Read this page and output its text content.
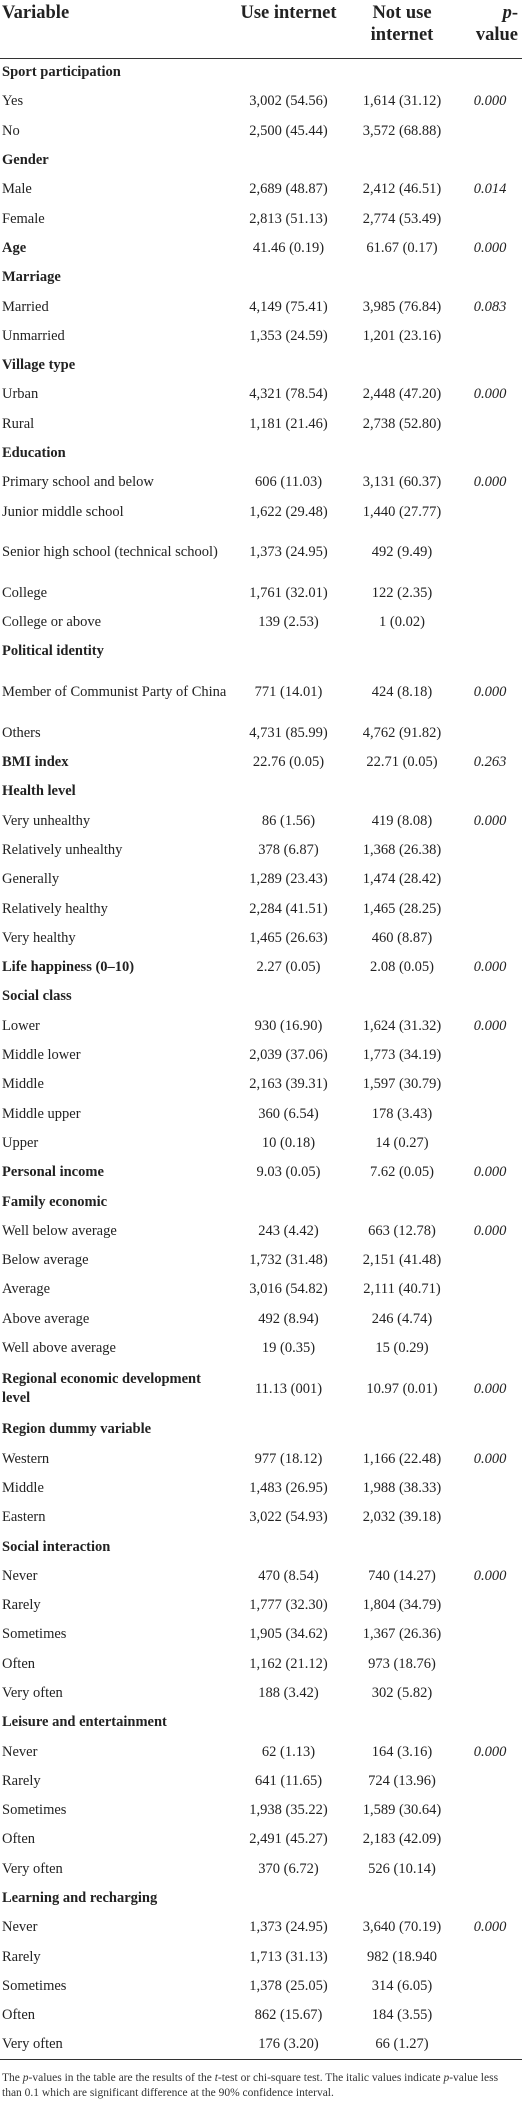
Variable	Use internet	Not use internet	p-value
Sport participation			
Yes	3,002 (54.56)	1,614 (31.12)	0.000
No	2,500 (45.44)	3,572 (68.88)	
Gender			
Male	2,689 (48.87)	2,412 (46.51)	0.014
Female	2,813 (51.13)	2,774 (53.49)	
Age	41.46 (0.19)	61.67 (0.17)	0.000
Marriage			
Married	4,149 (75.41)	3,985 (76.84)	0.083
Unmarried	1,353 (24.59)	1,201 (23.16)	
Village type			
Urban	4,321 (78.54)	2,448 (47.20)	0.000
Rural	1,181 (21.46)	2,738 (52.80)	
Education			
Primary school and below	606 (11.03)	3,131 (60.37)	0.000
Junior middle school	1,622 (29.48)	1,440 (27.77)	
Senior high school (technical school)	1,373 (24.95)	492 (9.49)	
College	1,761 (32.01)	122 (2.35)	
College or above	139 (2.53)	1 (0.02)	
Political identity			
Member of Communist Party of China	771 (14.01)	424 (8.18)	0.000
Others	4,731 (85.99)	4,762 (91.82)	
BMI index	22.76 (0.05)	22.71 (0.05)	0.263
Health level			
Very unhealthy	86 (1.56)	419 (8.08)	0.000
Relatively unhealthy	378 (6.87)	1,368 (26.38)	
Generally	1,289 (23.43)	1,474 (28.42)	
Relatively healthy	2,284 (41.51)	1,465 (28.25)	
Very healthy	1,465 (26.63)	460 (8.87)	
Life happiness (0–10)	2.27 (0.05)	2.08 (0.05)	0.000
Social class			
Lower	930 (16.90)	1,624 (31.32)	0.000
Middle lower	2,039 (37.06)	1,773 (34.19)	
Middle	2,163 (39.31)	1,597 (30.79)	
Middle upper	360 (6.54)	178 (3.43)	
Upper	10 (0.18)	14 (0.27)	
Personal income	9.03 (0.05)	7.62 (0.05)	0.000
Family economic			
Well below average	243 (4.42)	663 (12.78)	0.000
Below average	1,732 (31.48)	2,151 (41.48)	
Average	3,016 (54.82)	2,111 (40.71)	
Above average	492 (8.94)	246 (4.74)	
Well above average	19 (0.35)	15 (0.29)	
Regional economic development level	11.13 (001)	10.97 (0.01)	0.000
Region dummy variable			
Western	977 (18.12)	1,166 (22.48)	0.000
Middle	1,483 (26.95)	1,988 (38.33)	
Eastern	3,022 (54.93)	2,032 (39.18)	
Social interaction			
Never	470 (8.54)	740 (14.27)	0.000
Rarely	1,777 (32.30)	1,804 (34.79)	
Sometimes	1,905 (34.62)	1,367 (26.36)	
Often	1,162 (21.12)	973 (18.76)	
Very often	188 (3.42)	302 (5.82)	
Leisure and entertainment			
Never	62 (1.13)	164 (3.16)	0.000
Rarely	641 (11.65)	724 (13.96)	
Sometimes	1,938 (35.22)	1,589 (30.64)	
Often	2,491 (45.27)	2,183 (42.09)	
Very often	370 (6.72)	526 (10.14)	
Learning and recharging			
Never	1,373 (24.95)	3,640 (70.19)	0.000
Rarely	1,713 (31.13)	982 (18.940	
Sometimes	1,378 (25.05)	314 (6.05)	
Often	862 (15.67)	184 (3.55)	
Very often	176 (3.20)	66 (1.27)	
The p-values in the table are the results of the t-test or chi-square test. The italic values indicate p-value less than 0.1 which are significant difference at the 90% confidence interval.
